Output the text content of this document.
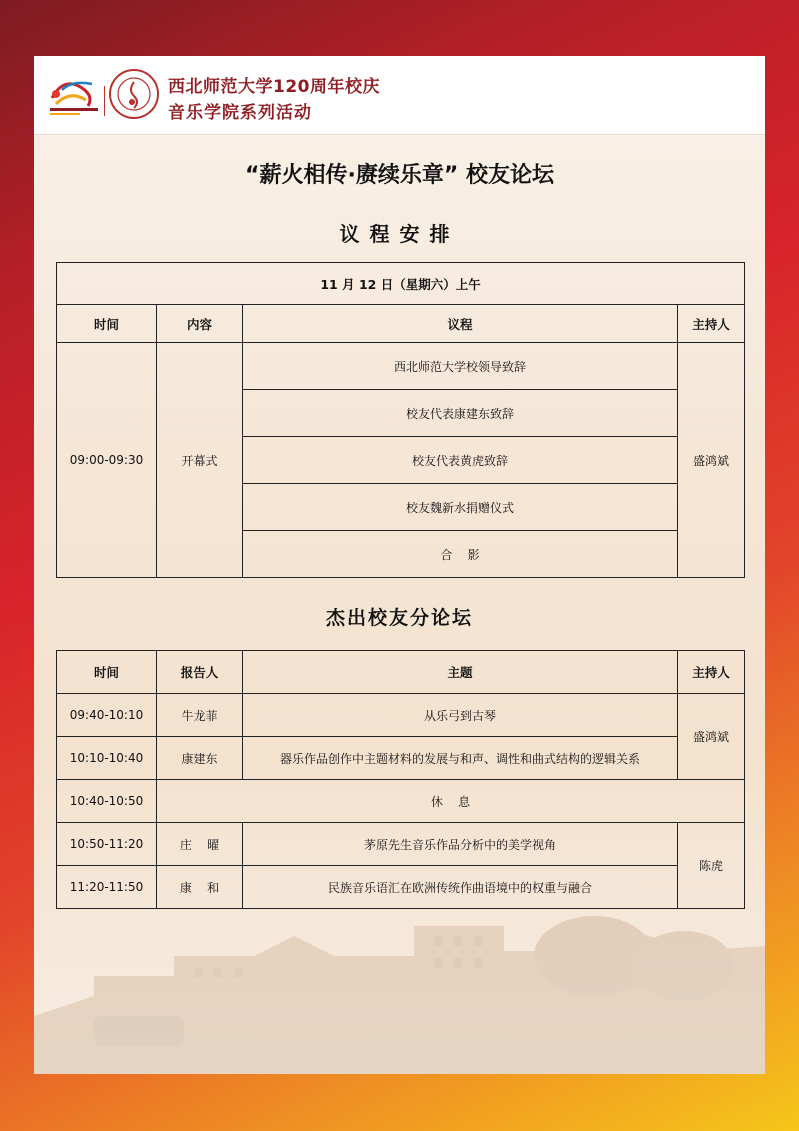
西北师范大学120周年校庆
音乐学院系列活动
“薪火相传·赓续乐章” 校友论坛
议程安排
11 月 12 日（星期六）上午			
时间	内容	议程	主持人
09:00-09:30	开幕式	西北师范大学校领导致辞	盛鸿斌
		校友代表康建东致辞	
		校友代表黄虎致辞	
		校友魏新水捐赠仪式	
		合    影	
杰出校友分论坛
时间	报告人	主题	主持人
09:40-10:10	牛龙菲	从乐弓到古琴	盛鸿斌
10:10-10:40	康建东	器乐作品创作中主题材料的发展与和声、调性和曲式结构的逻辑关系	
10:40-10:50	休    息		
10:50-11:20	庄    曜	茅原先生音乐作品分析中的美学视角	陈虎
11:20-11:50	康    和	民族音乐语汇在欧洲传统作曲语境中的权重与融合	
